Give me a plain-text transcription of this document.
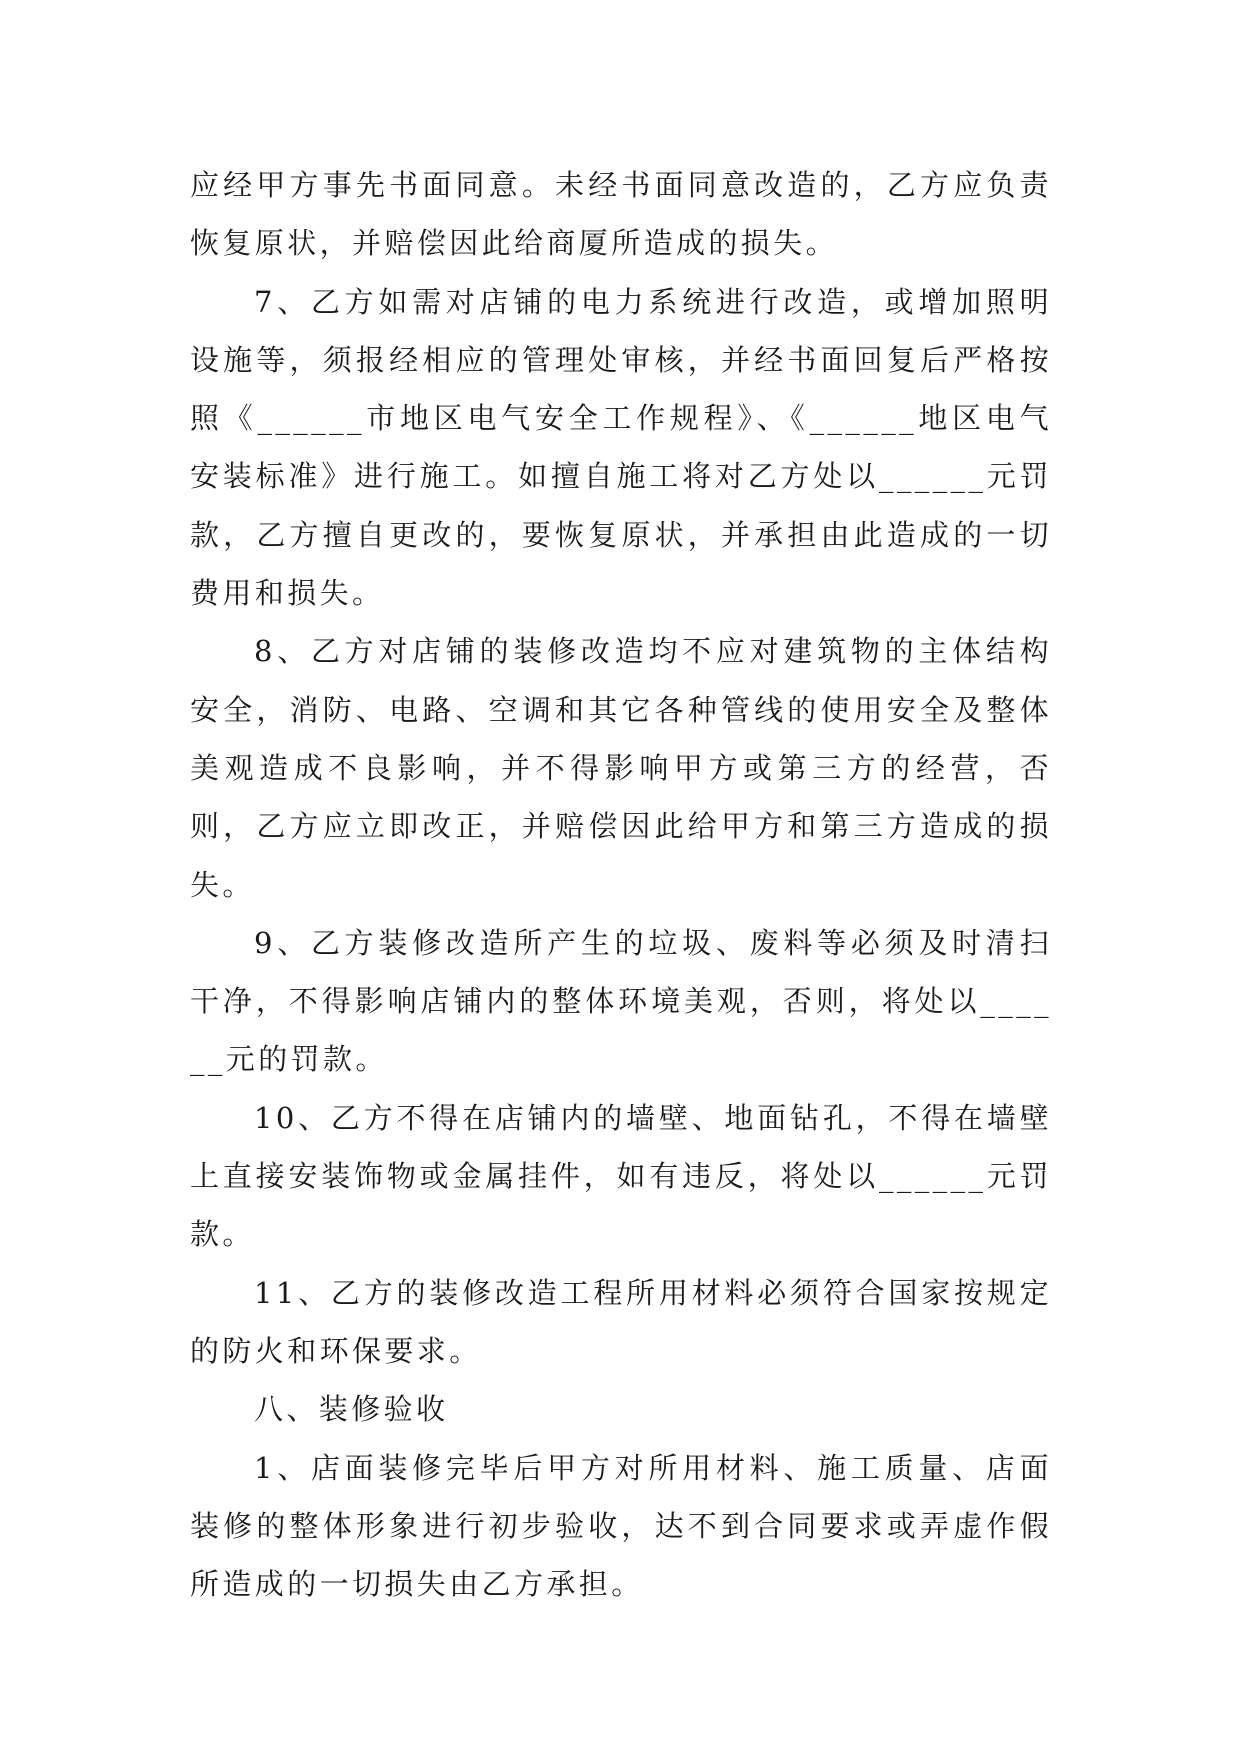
应经甲方事先书面同意。未经书面同意改造的，乙方应负责恢复原状，并赔偿因此给商厦所造成的损失。

7、乙方如需对店铺的电力系统进行改造，或增加照明设施等，须报经相应的管理处审核，并经书面回复后严格按照《______市地区电气安全工作规程》、《______地区电气安装标准》进行施工。如擅自施工将对乙方处以______元罚款，乙方擅自更改的，要恢复原状，并承担由此造成的一切费用和损失。

8、乙方对店铺的装修改造均不应对建筑物的主体结构安全，消防、电路、空调和其它各种管线的使用安全及整体美观造成不良影响，并不得影响甲方或第三方的经营，否则，乙方应立即改正，并赔偿因此给甲方和第三方造成的损失。

9、乙方装修改造所产生的垃圾、废料等必须及时清扫干净，不得影响店铺内的整体环境美观，否则，将处以______元的罚款。

10、乙方不得在店铺内的墙壁、地面钻孔，不得在墙壁上直接安装饰物或金属挂件，如有违反，将处以______元罚款。

11、乙方的装修改造工程所用材料必须符合国家按规定的防火和环保要求。

八、装修验收

1、店面装修完毕后甲方对所用材料、施工质量、店面装修的整体形象进行初步验收，达不到合同要求或弄虚作假所造成的一切损失由乙方承担。
